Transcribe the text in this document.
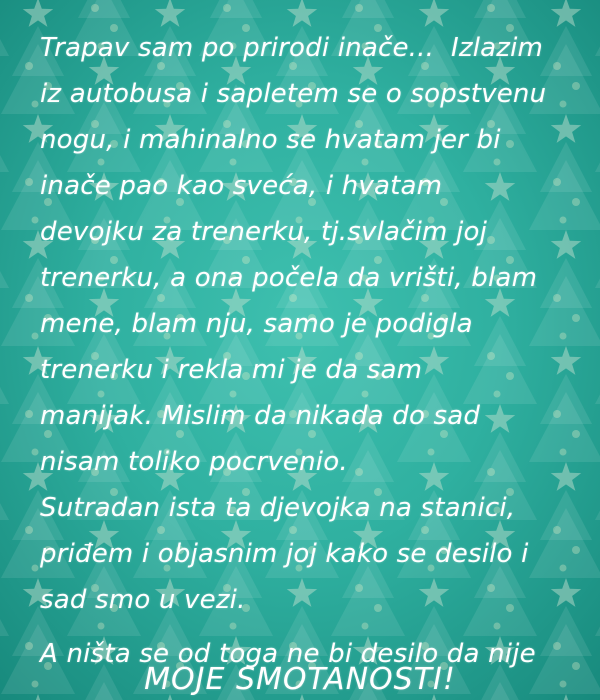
Trapav sam po prirodi inače...  Izlazim
iz autobusa i sapletem se o sopstvenu
nogu, i mahinalno se hvatam jer bi
inače pao kao sveća, i hvatam
devojku za trenerku, tj.svlačim joj
trenerku, a ona počela da vrišti, blam
mene, blam nju, samo je podigla
trenerku i rekla mi je da sam
manijak. Mislim da nikada do sad
nisam toliko pocrvenio.
Sutradan ista ta djevojka na stanici,
priđem i objasnim joj kako se desilo i
sad smo u vezi.
A ništa se od toga ne bi desilo da nije
MOJE SMOTANOSTI!
